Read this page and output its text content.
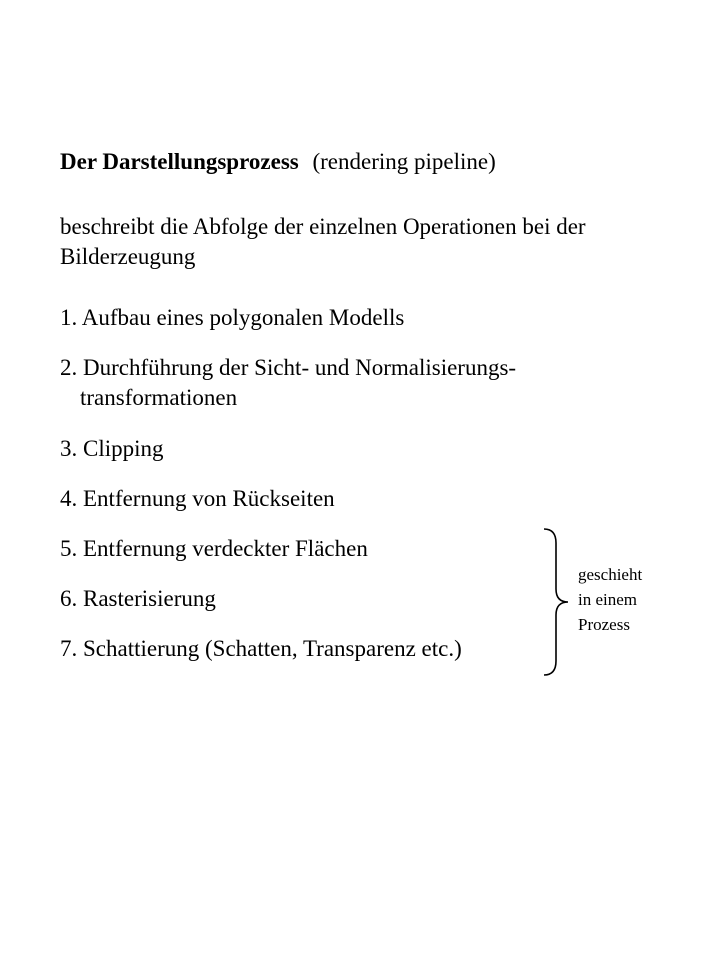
Der Darstellungsprozess (rendering pipeline)
beschreibt die Abfolge der einzelnen Operationen bei der Bilderzeugung
1. Aufbau eines polygonalen Modells
2. Durchführung der Sicht- und Normalisierungs-
transformationen
3. Clipping
4. Entfernung von Rückseiten
5. Entfernung verdeckter Flächen
6. Rasterisierung
7. Schattierung (Schatten, Transparenz etc.)
geschieht
in einem
Prozess
